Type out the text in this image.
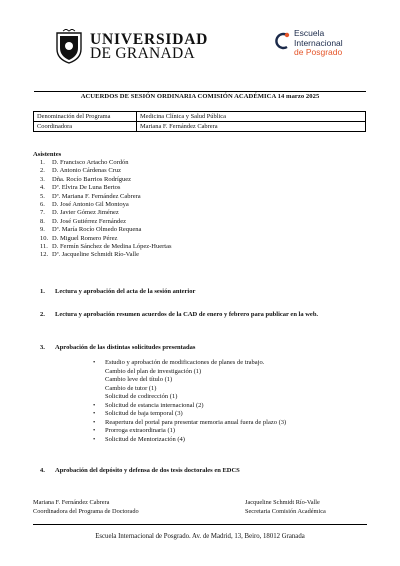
UNIVERSIDAD
DE GRANADA
Escuela
Internacional
de Posgrado
ACUERDOS DE SESIÓN ORDINARIA COMISIÓN ACADÉMICA 14 marzo 2025
Denominación del Programa	Medicina Clínica y Salud Pública
Coordinadora	Mariana F. Fernández Cabrera
Asistentes
1.	D. Francisco Artacho Cordón
2.	D. Antonio Cárdenas Cruz
3.	Dña. Rocío Barrios Rodríguez
4.	Dª. Elvira De Luna Bertos
5.	Dª. Mariana F. Fernández Cabrera
6.	D. José Antonio Gil Montoya
7.	D. Javier Gómez Jiménez
8.	D. José Gutiérrez Fernández
9.	Dª. María Rocío Olmedo Requena
10. D. Miguel Romero Pérez
11. D. Fermín Sánchez de Medina López-Huertas
12. Dª. Jacqueline Schmidt Río-Valle
1. Lectura y aprobación del acta de la sesión anterior
2. Lectura y aprobación resumen acuerdos de la CAD de enero y febrero para publicar en la web.
3. Aprobación de las distintas solicitudes presentadas
• Estudio y aprobación de modificaciones de planes de trabajo.
Cambio del plan de investigación (1)
Cambio leve del título (1)
Cambio de tutor (1)
Solicitud de codirección (1)
• Solicitud de estancia internacional (2)
• Solicitud de baja temporal (3)
• Reapertura del portal para presentar memoria anual fuera de plazo (3)
• Prorroga extraordinaria (1)
• Solicitud de Mentorización (4)
4. Aprobación del depósito y defensa de dos tesis doctorales en EDCS
Mariana F. Fernández Cabrera
Coordinadora del Programa de Doctorado
Jacqueline Schmidt Río-Valle
Secretaria Comisión Académica
Escuela Internacional de Posgrado. Av. de Madrid, 13, Beiro, 18012 Granada
